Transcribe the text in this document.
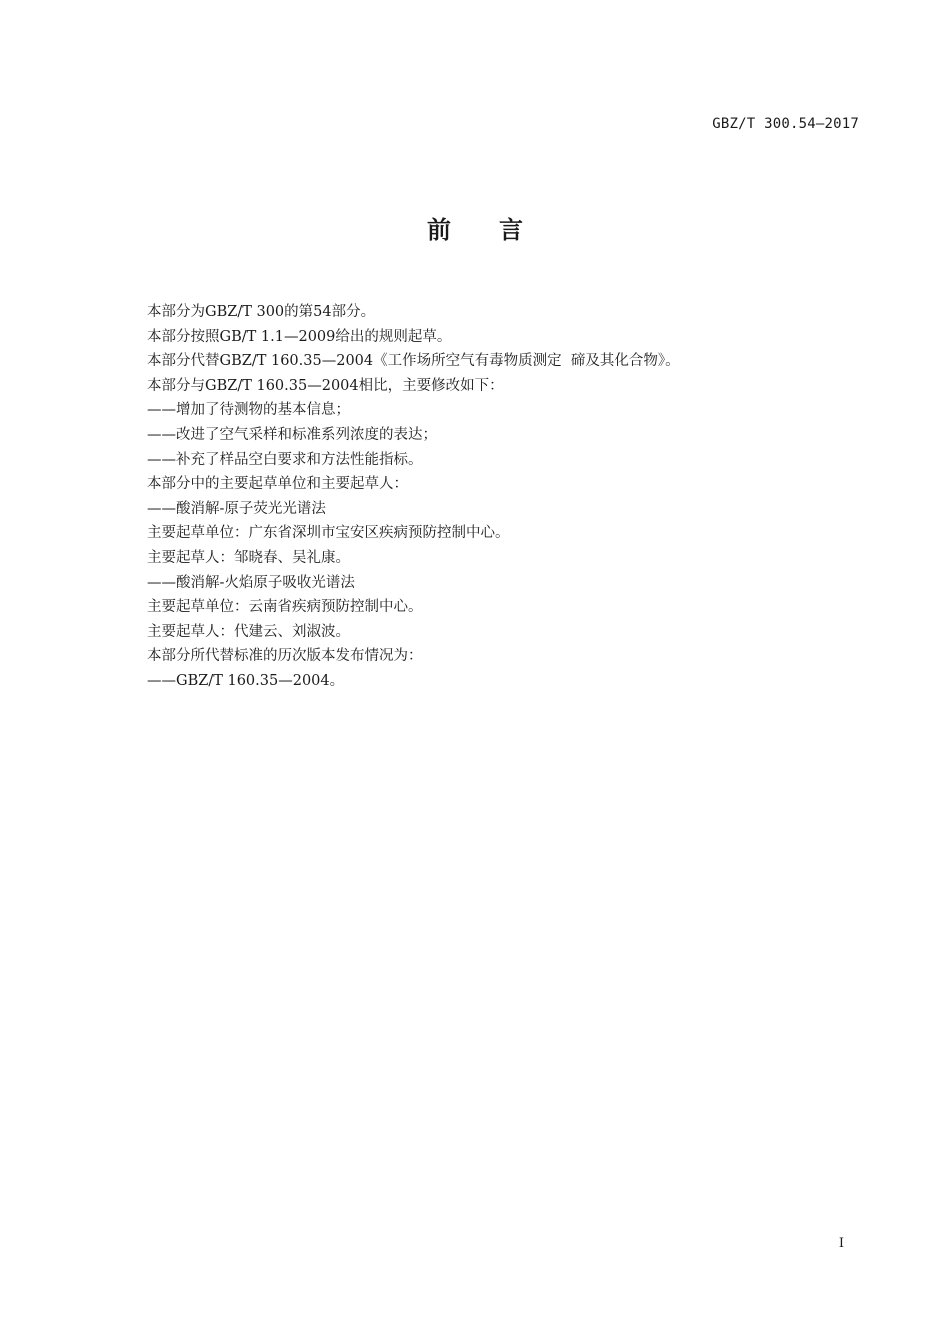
GBZ/T 300.54—2017
前言
本部分为GBZ/T 300的第54部分。
本部分按照GB/T 1.1—2009给出的规则起草。
本部分代替GBZ/T 160.35—2004《工作场所空气有毒物质测定  碲及其化合物》。
本部分与GBZ/T 160.35—2004相比，主要修改如下：
——增加了待测物的基本信息；
——改进了空气采样和标准系列浓度的表达；
——补充了样品空白要求和方法性能指标。
本部分中的主要起草单位和主要起草人：
——酸消解-原子荧光光谱法
主要起草单位：广东省深圳市宝安区疾病预防控制中心。
主要起草人：邹晓春、吴礼康。
——酸消解-火焰原子吸收光谱法
主要起草单位：云南省疾病预防控制中心。
主要起草人：代建云、刘淑波。
本部分所代替标准的历次版本发布情况为：
——GBZ/T 160.35—2004。
I
